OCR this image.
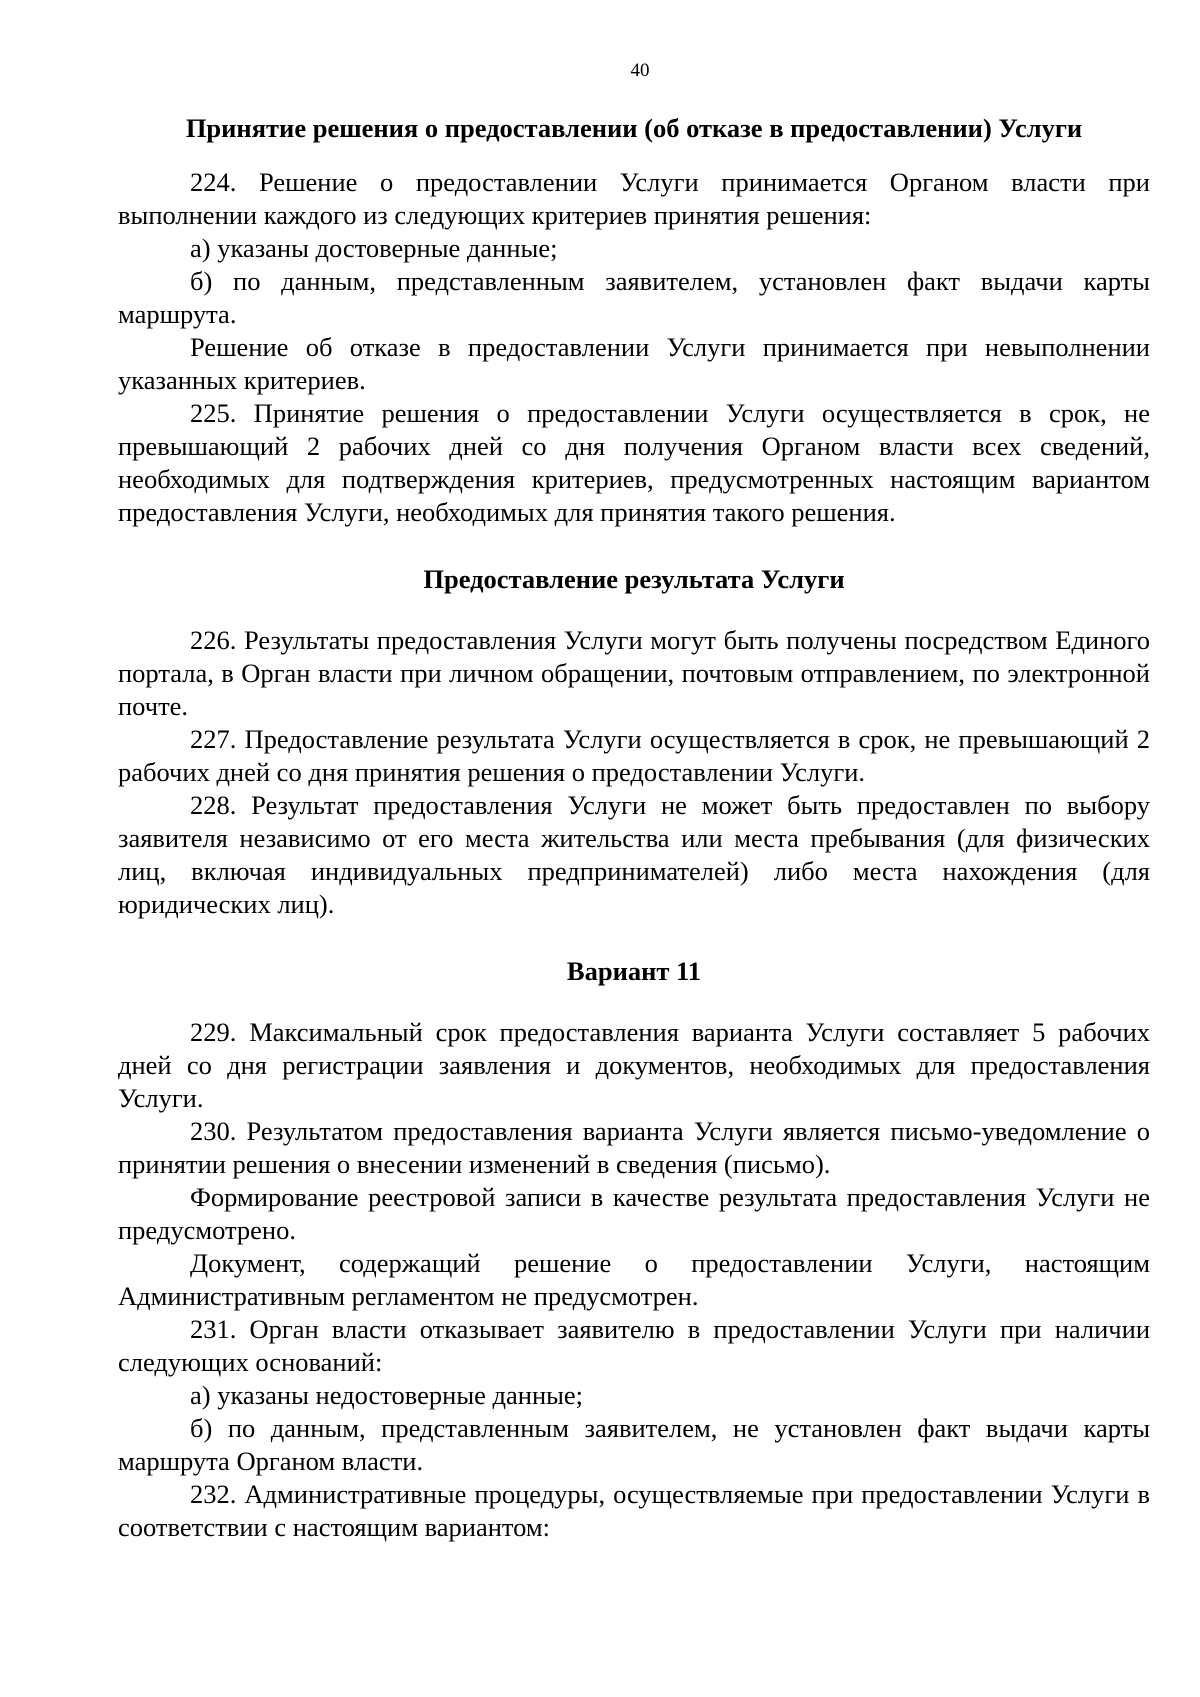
40
Принятие решения о предоставлении (об отказе в предоставлении) Услуги

224. Решение о предоставлении Услуги принимается Органом власти при выполнении каждого из следующих критериев принятия решения:

а) указаны достоверные данные;

б) по данным, представленным заявителем, установлен факт выдачи карты маршрута.

Решение об отказе в предоставлении Услуги принимается при невыполнении указанных критериев.

225. Принятие решения о предоставлении Услуги осуществляется в срок, не превышающий 2 рабочих дней со дня получения Органом власти всех сведений, необходимых для подтверждения критериев, предусмотренных настоящим вариантом предоставления Услуги, необходимых для принятия такого решения.

Предоставление результата Услуги

226. Результаты предоставления Услуги могут быть получены посредством Единого портала, в Орган власти при личном обращении, почтовым отправлением, по электронной почте.

227. Предоставление результата Услуги осуществляется в срок, не превышающий 2 рабочих дней со дня принятия решения о предоставлении Услуги.

228. Результат предоставления Услуги не может быть предоставлен по выбору заявителя независимо от его места жительства или места пребывания (для физических лиц, включая индивидуальных предпринимателей) либо места нахождения (для юридических лиц).

Вариант 11

229. Максимальный срок предоставления варианта Услуги составляет 5 рабочих дней со дня регистрации заявления и документов, необходимых для предоставления Услуги.

230. Результатом предоставления варианта Услуги является письмо-уведомление о принятии решения о внесении изменений в сведения (письмо).

Формирование реестровой записи в качестве результата предоставления Услуги не предусмотрено.

Документ, содержащий решение о предоставлении Услуги, настоящим Административным регламентом не предусмотрен.

231. Орган власти отказывает заявителю в предоставлении Услуги при наличии следующих оснований:

а) указаны недостоверные данные;

б) по данным, представленным заявителем, не установлен факт выдачи карты маршрута Органом власти.

232. Административные процедуры, осуществляемые при предоставлении Услуги в соответствии с настоящим вариантом:
